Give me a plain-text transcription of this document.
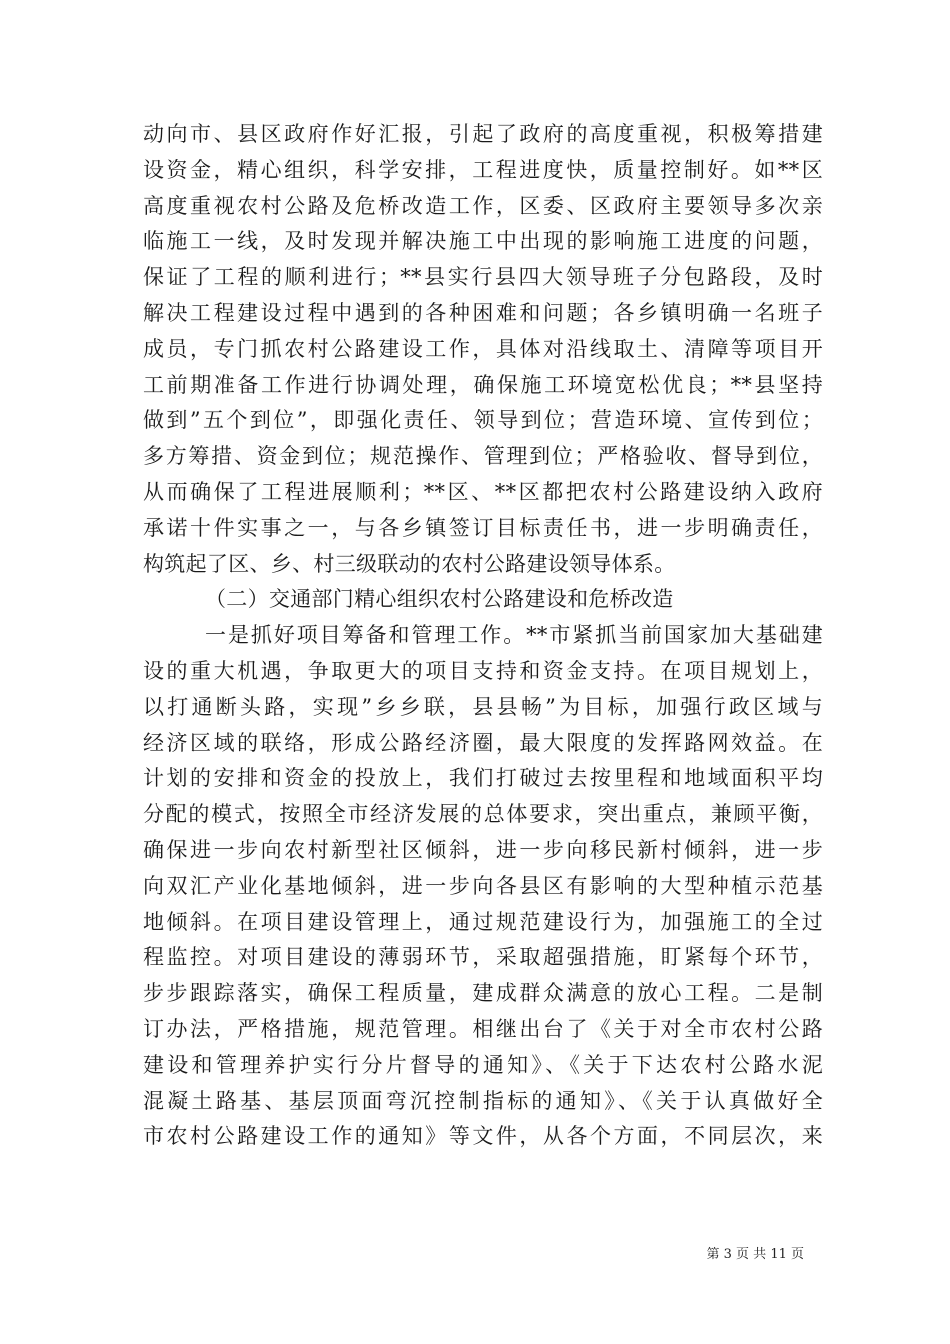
动向市、县区政府作好汇报，引起了政府的高度重视，积极筹措建
设资金，精心组织，科学安排，工程进度快，质量控制好。如**区
高度重视农村公路及危桥改造工作，区委、区政府主要领导多次亲
临施工一线，及时发现并解决施工中出现的影响施工进度的问题，
保证了工程的顺利进行；**县实行县四大领导班子分包路段，及时
解决工程建设过程中遇到的各种困难和问题；各乡镇明确一名班子
成员，专门抓农村公路建设工作，具体对沿线取土、清障等项目开
工前期准备工作进行协调处理，确保施工环境宽松优良；**县坚持
做到”五个到位”，即强化责任、领导到位；营造环境、宣传到位；
多方筹措、资金到位；规范操作、管理到位；严格验收、督导到位，
从而确保了工程进展顺利；**区、**区都把农村公路建设纳入政府
承诺十件实事之一，与各乡镇签订目标责任书，进一步明确责任，
构筑起了区、乡、村三级联动的农村公路建设领导体系。
（二）交通部门精心组织农村公路建设和危桥改造
一是抓好项目筹备和管理工作。**市紧抓当前国家加大基础建
设的重大机遇，争取更大的项目支持和资金支持。在项目规划上，
以打通断头路，实现”乡乡联，县县畅”为目标，加强行政区域与
经济区域的联络，形成公路经济圈，最大限度的发挥路网效益。在
计划的安排和资金的投放上，我们打破过去按里程和地域面积平均
分配的模式，按照全市经济发展的总体要求，突出重点，兼顾平衡，
确保进一步向农村新型社区倾斜，进一步向移民新村倾斜，进一步
向双汇产业化基地倾斜，进一步向各县区有影响的大型种植示范基
地倾斜。在项目建设管理上，通过规范建设行为，加强施工的全过
程监控。对项目建设的薄弱环节，采取超强措施，盯紧每个环节，
步步跟踪落实，确保工程质量，建成群众满意的放心工程。二是制
订办法，严格措施，规范管理。相继出台了《关于对全市农村公路
建设和管理养护实行分片督导的通知》、《关于下达农村公路水泥
混凝土路基、基层顶面弯沉控制指标的通知》、《关于认真做好全
市农村公路建设工作的通知》等文件，从各个方面，不同层次，来
第 3 页 共 11 页
